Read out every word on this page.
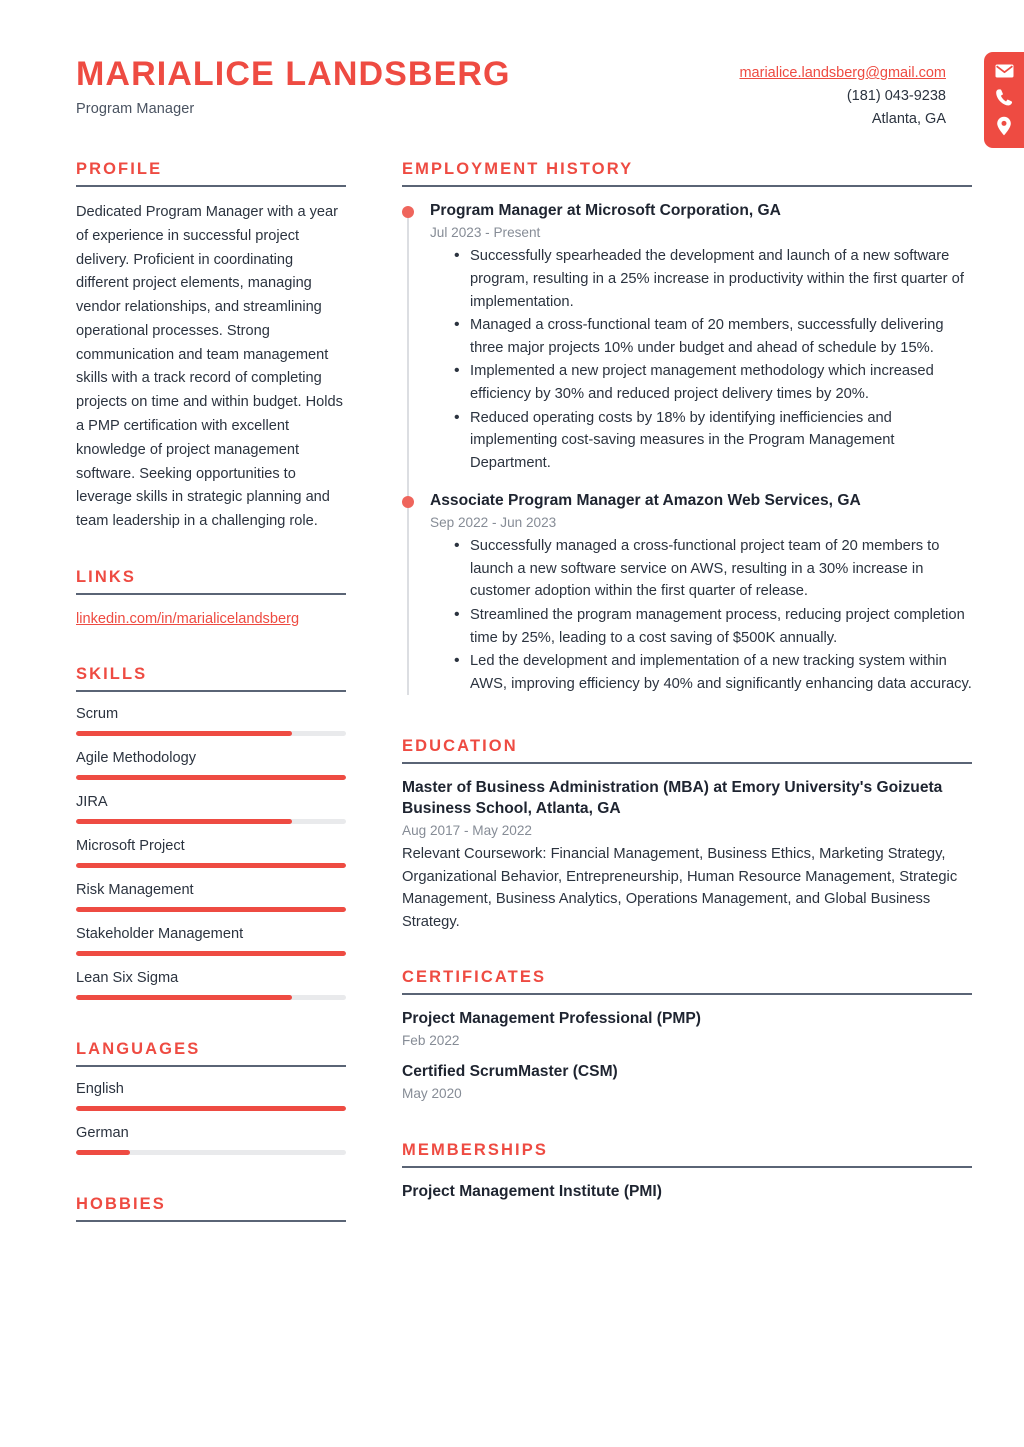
MARIALICE LANDSBERG
Program Manager
marialice.landsberg@gmail.com
(181) 043-9238
Atlanta, GA
PROFILE
Dedicated Program Manager with a year of experience in successful project delivery. Proficient in coordinating different project elements, managing vendor relationships, and streamlining operational processes. Strong communication and team management skills with a track record of completing projects on time and within budget. Holds a PMP certification with excellent knowledge of project management software. Seeking opportunities to leverage skills in strategic planning and team leadership in a challenging role.
LINKS
linkedin.com/in/marialicelandsberg
SKILLS
Scrum
Agile Methodology
JIRA
Microsoft Project
Risk Management
Stakeholder Management
Lean Six Sigma
LANGUAGES
English
German
HOBBIES
EMPLOYMENT HISTORY
Program Manager at Microsoft Corporation, GA
Jul 2023 - Present
• Successfully spearheaded the development and launch of a new software program, resulting in a 25% increase in productivity within the first quarter of implementation.
• Managed a cross-functional team of 20 members, successfully delivering three major projects 10% under budget and ahead of schedule by 15%.
• Implemented a new project management methodology which increased efficiency by 30% and reduced project delivery times by 20%.
• Reduced operating costs by 18% by identifying inefficiencies and implementing cost-saving measures in the Program Management Department.
Associate Program Manager at Amazon Web Services, GA
Sep 2022 - Jun 2023
• Successfully managed a cross-functional project team of 20 members to launch a new software service on AWS, resulting in a 30% increase in customer adoption within the first quarter of release.
• Streamlined the program management process, reducing project completion time by 25%, leading to a cost saving of $500K annually.
• Led the development and implementation of a new tracking system within AWS, improving efficiency by 40% and significantly enhancing data accuracy.
EDUCATION
Master of Business Administration (MBA) at Emory University's Goizueta Business School, Atlanta, GA
Aug 2017 - May 2022
Relevant Coursework: Financial Management, Business Ethics, Marketing Strategy, Organizational Behavior, Entrepreneurship, Human Resource Management, Strategic Management, Business Analytics, Operations Management, and Global Business Strategy.
CERTIFICATES
Project Management Professional (PMP)
Feb 2022
Certified ScrumMaster (CSM)
May 2020
MEMBERSHIPS
Project Management Institute (PMI)
